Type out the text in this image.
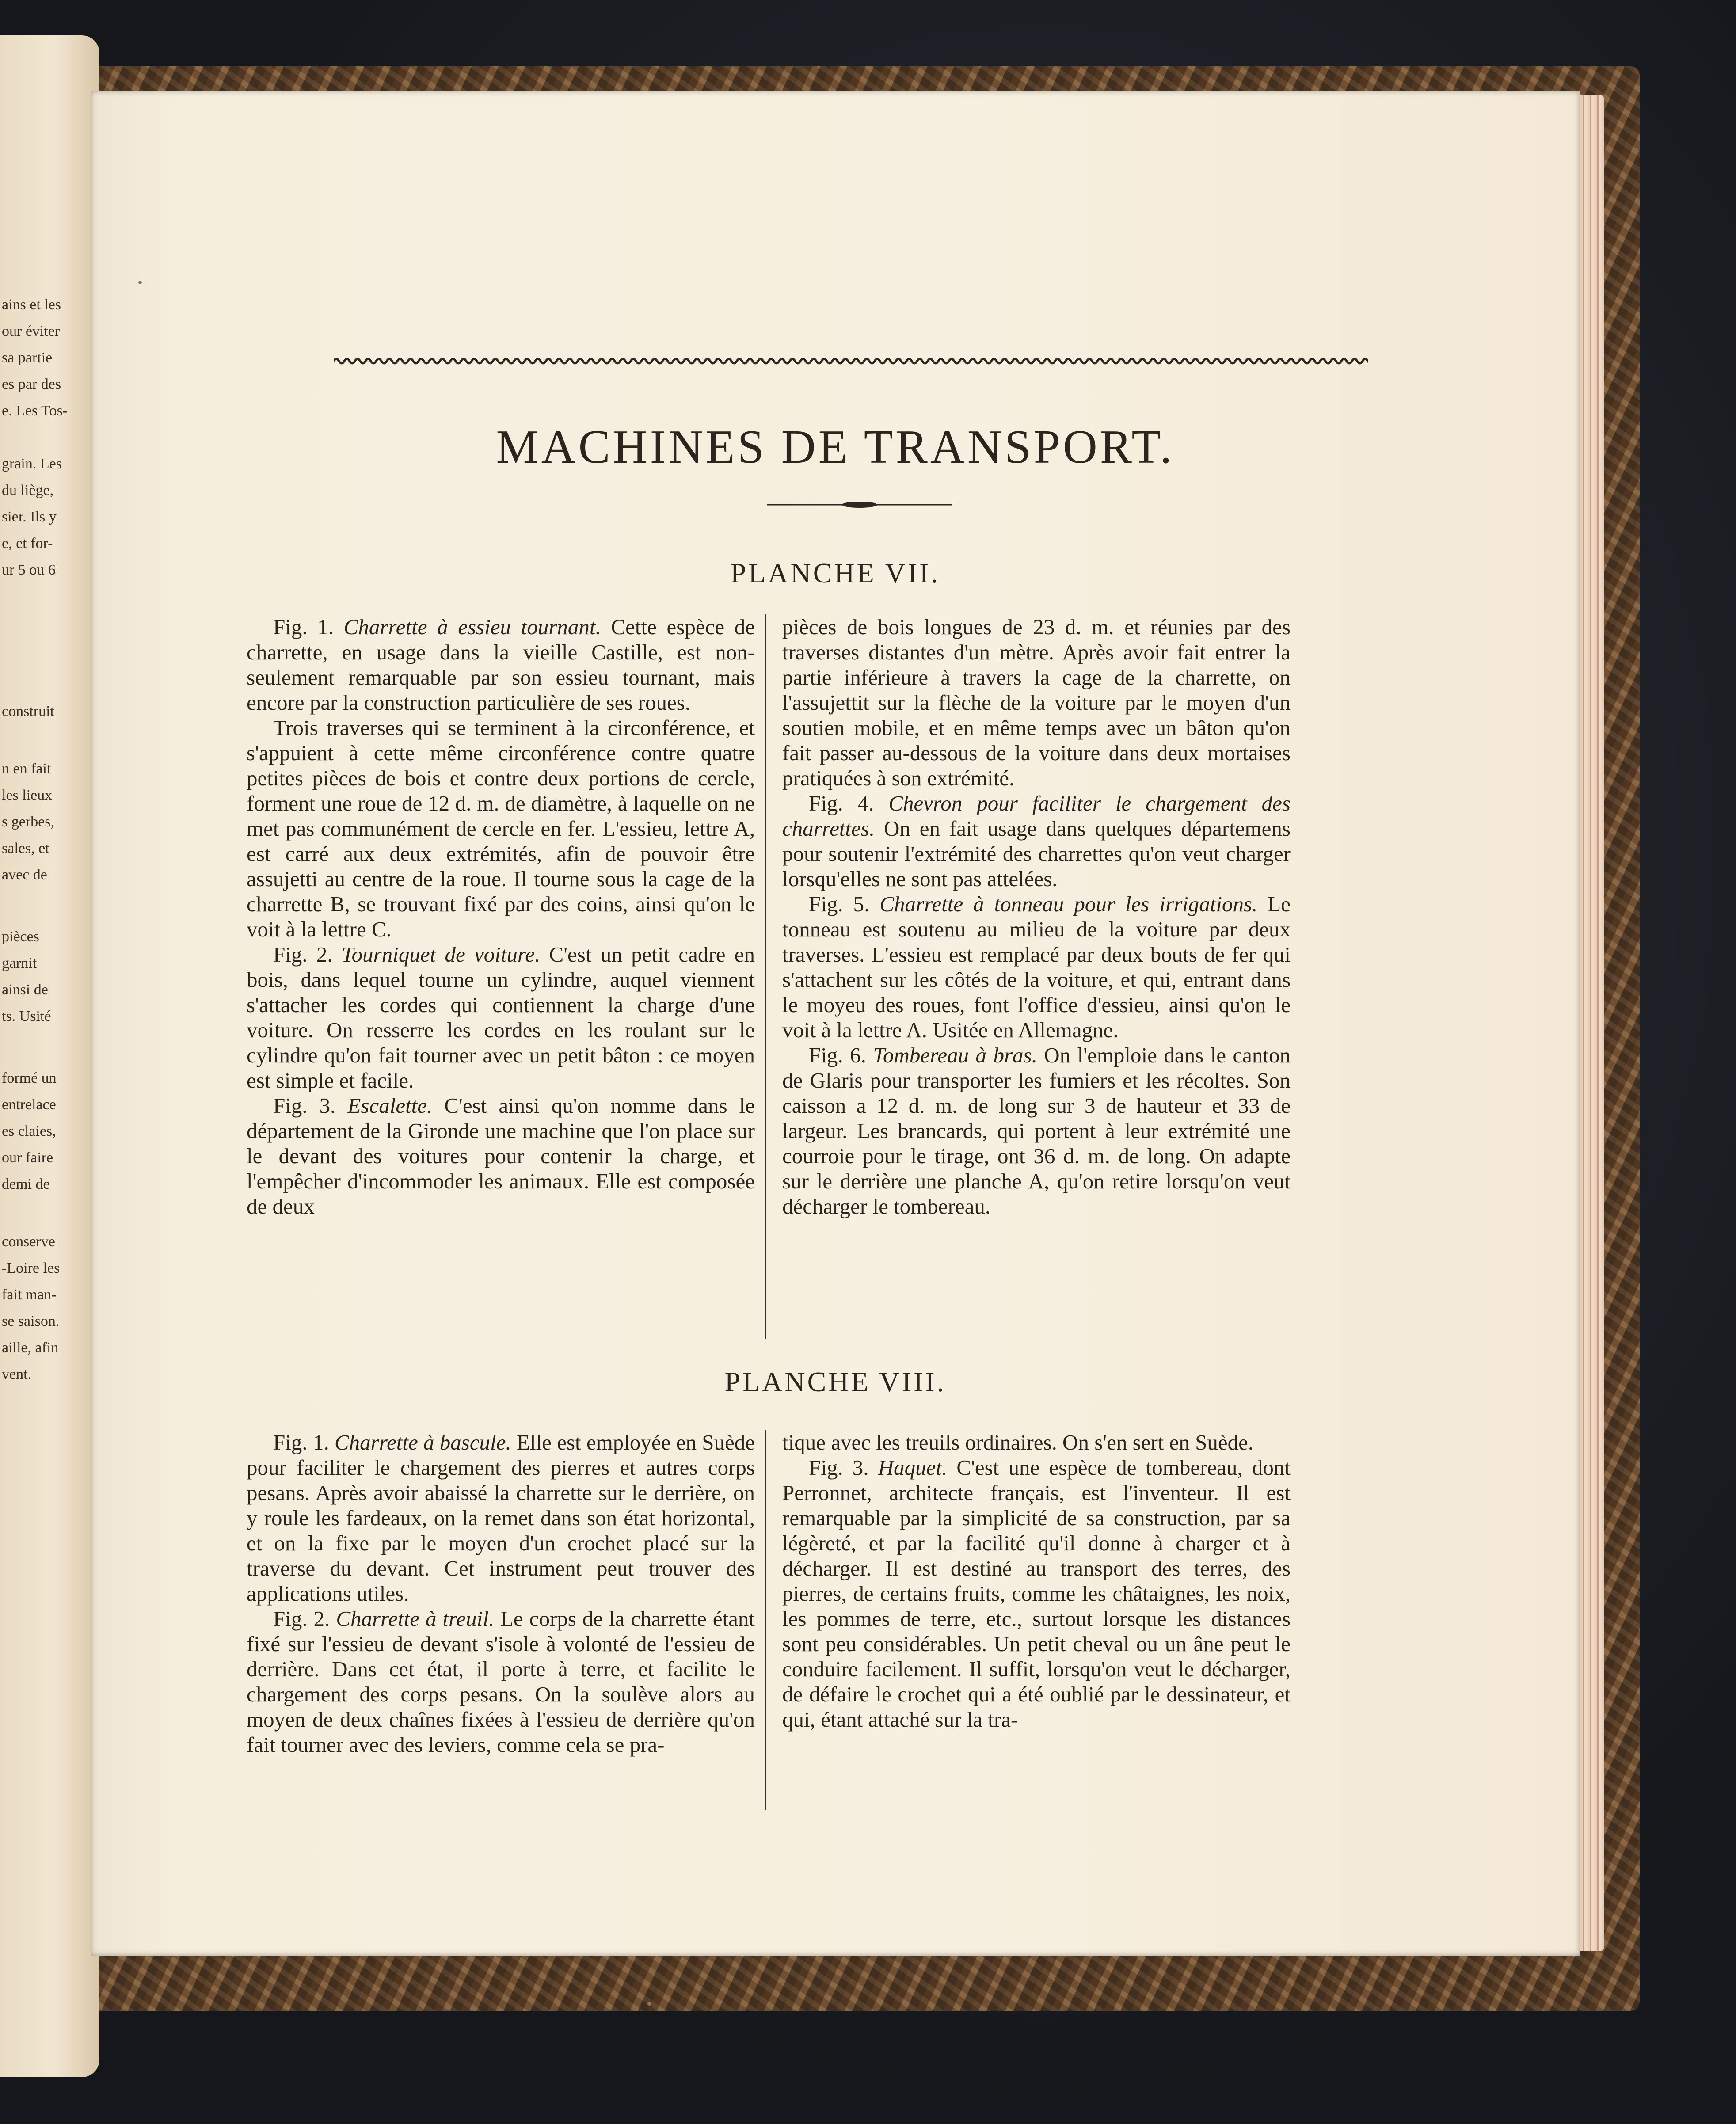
ains et les
our éviter
sa partie
es par des
e. Les Tos-
grain. Les
du liège,
sier. Ils y
e, et for-
ur 5 ou 6
construit
n en fait
les lieux
s gerbes,
sales, et
avec de
pièces
garnit
ainsi de
ts. Usité
formé un
entrelace
es claies,
our faire
demi de
conserve
-Loire les
fait man-
se saison.
aille, afin
vent.
MACHINES DE TRANSPORT.
PLANCHE VII.

Fig. 1. Charrette à essieu tournant. Cette espèce de charrette, en usage dans la vieille Castille, est non-seulement remarquable par son essieu tournant, mais encore par la construction particulière de ses roues.

Trois traverses qui se terminent à la circonférence, et s'appuient à cette même circonférence contre quatre petites pièces de bois et contre deux portions de cercle, forment une roue de 12 d. m. de diamètre, à laquelle on ne met pas communément de cercle en fer. L'essieu, lettre A, est carré aux deux extrémités, afin de pouvoir être assujetti au centre de la roue. Il tourne sous la cage de la charrette B, se trouvant fixé par des coins, ainsi qu'on le voit à la lettre C.

Fig. 2. Tourniquet de voiture. C'est un petit cadre en bois, dans lequel tourne un cylindre, auquel viennent s'attacher les cordes qui contiennent la charge d'une voiture. On resserre les cordes en les roulant sur le cylindre qu'on fait tourner avec un petit bâton : ce moyen est simple et facile.

Fig. 3. Escalette. C'est ainsi qu'on nomme dans le département de la Gironde une machine que l'on place sur le devant des voitures pour contenir la charge, et l'empêcher d'incommoder les animaux. Elle est composée de deux

pièces de bois longues de 23 d. m. et réunies par des traverses distantes d'un mètre. Après avoir fait entrer la partie inférieure à travers la cage de la charrette, on l'assujettit sur la flèche de la voiture par le moyen d'un soutien mobile, et en même temps avec un bâton qu'on fait passer au-dessous de la voiture dans deux mortaises pratiquées à son extrémité.

Fig. 4. Chevron pour faciliter le chargement des charrettes. On en fait usage dans quelques départemens pour soutenir l'extrémité des charrettes qu'on veut charger lorsqu'elles ne sont pas attelées.

Fig. 5. Charrette à tonneau pour les irrigations. Le tonneau est soutenu au milieu de la voiture par deux traverses. L'essieu est remplacé par deux bouts de fer qui s'attachent sur les côtés de la voiture, et qui, entrant dans le moyeu des roues, font l'office d'essieu, ainsi qu'on le voit à la lettre A. Usitée en Allemagne.

Fig. 6. Tombereau à bras. On l'emploie dans le canton de Glaris pour transporter les fumiers et les récoltes. Son caisson a 12 d. m. de long sur 3 de hauteur et 33 de largeur. Les brancards, qui portent à leur extrémité une courroie pour le tirage, ont 36 d. m. de long. On adapte sur le derrière une planche A, qu'on retire lorsqu'on veut décharger le tombereau.

PLANCHE VIII.

Fig. 1. Charrette à bascule. Elle est employée en Suède pour faciliter le chargement des pierres et autres corps pesans. Après avoir abaissé la charrette sur le derrière, on y roule les fardeaux, on la remet dans son état horizontal, et on la fixe par le moyen d'un crochet placé sur la traverse du devant. Cet instrument peut trouver des applications utiles.

Fig. 2. Charrette à treuil. Le corps de la charrette étant fixé sur l'essieu de devant s'isole à volonté de l'essieu de derrière. Dans cet état, il porte à terre, et facilite le chargement des corps pesans. On la soulève alors au moyen de deux chaînes fixées à l'essieu de derrière qu'on fait tourner avec des leviers, comme cela se pra-

tique avec les treuils ordinaires. On s'en sert en Suède.

Fig. 3. Haquet. C'est une espèce de tombereau, dont Perronnet, architecte français, est l'inventeur. Il est remarquable par la simplicité de sa construction, par sa légèreté, et par la facilité qu'il donne à charger et à décharger. Il est destiné au transport des terres, des pierres, de certains fruits, comme les châtaignes, les noix, les pommes de terre, etc., surtout lorsque les distances sont peu considérables. Un petit cheval ou un âne peut le conduire facilement. Il suffit, lorsqu'on veut le décharger, de défaire le crochet qui a été oublié par le dessinateur, et qui, étant attaché sur la tra-
